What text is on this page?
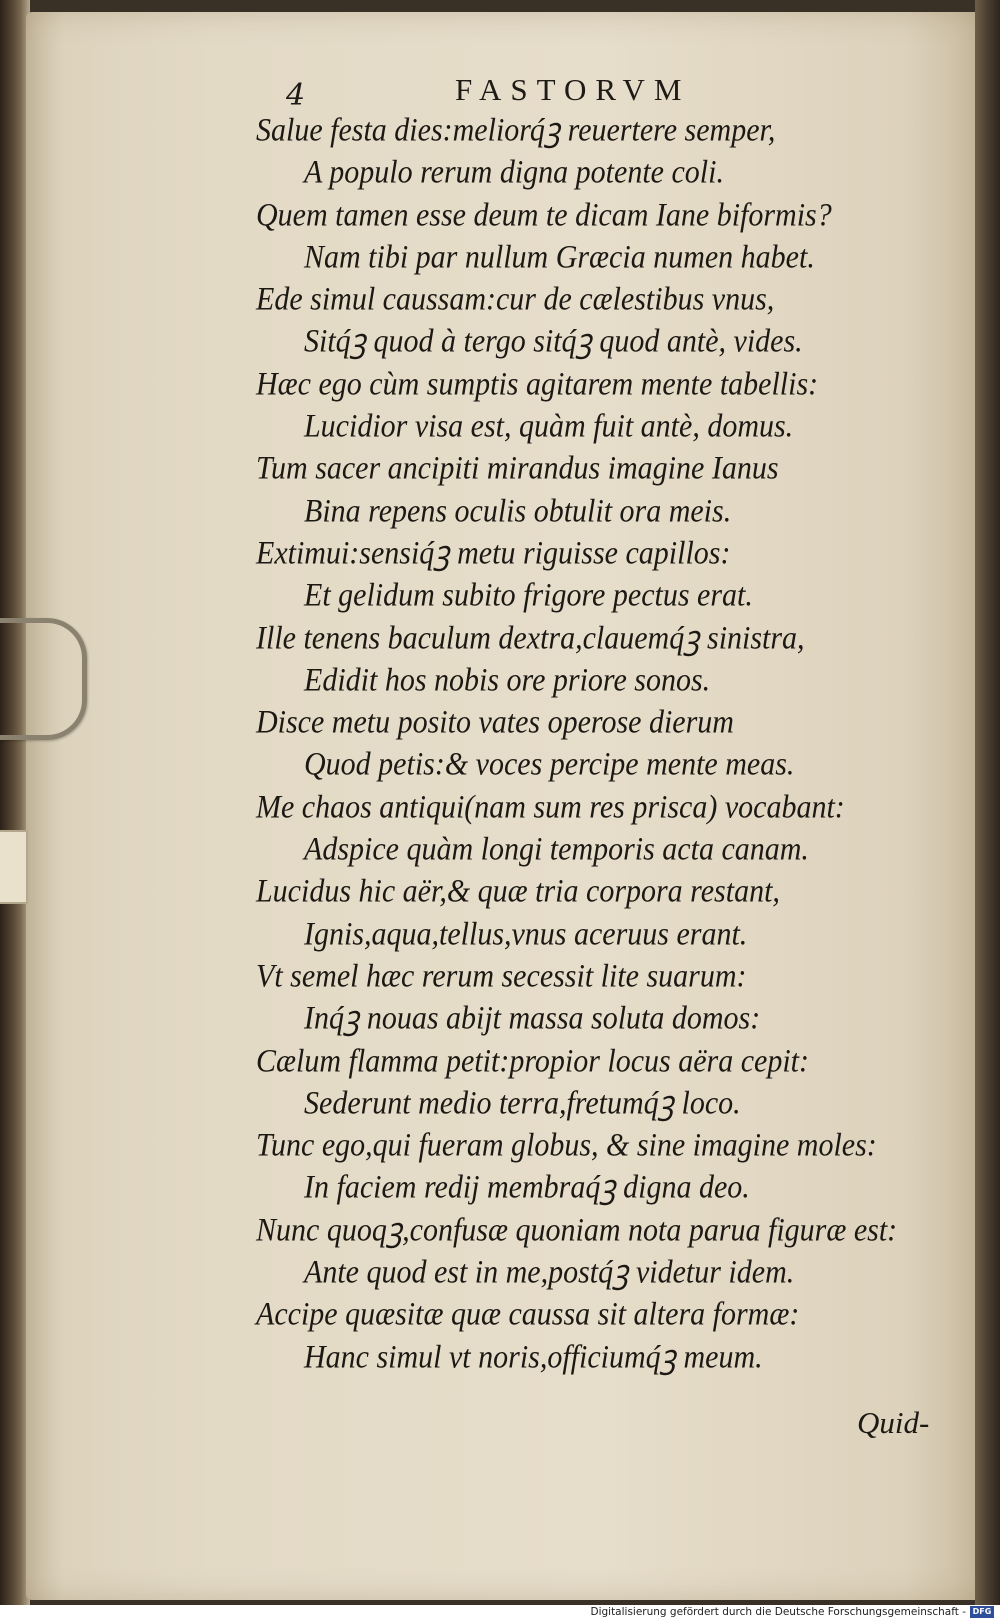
4	FASTORVM
Salue festa dies:meliorq́ꝫ reuertere semper,
A populo rerum digna potente coli.
Quem tamen esse deum te dicam Iane biformis?
Nam tibi par nullum Græcia numen habet.
Ede simul caussam:cur de cælestibus vnus,
Sitq́ꝫ quod à tergo sitq́ꝫ quod antè, vides.
Hæc ego cùm sumptis agitarem mente tabellis:
Lucidior visa est, quàm fuit antè, domus.
Tum sacer ancipiti mirandus imagine Ianus
Bina repens oculis obtulit ora meis.
Extimui:sensiq́ꝫ metu riguisse capillos:
Et gelidum subito frigore pectus erat.
Ille tenens baculum dextra,clauemq́ꝫ sinistra,
Edidit hos nobis ore priore sonos.
Disce metu posito vates operose dierum
Quod petis:& voces percipe mente meas.
Me chaos antiqui(nam sum res prisca) vocabant:
Adspice quàm longi temporis acta canam.
Lucidus hic aër,& quæ tria corpora restant,
Ignis,aqua,tellus,vnus aceruus erant.
Vt semel hæc rerum secessit lite suarum:
Inq́ꝫ nouas abijt massa soluta domos:
Cælum flamma petit:propior locus aëra cepit:
Sederunt medio terra,fretumq́ꝫ loco.
Tunc ego,qui fueram globus, & sine imagine moles:
In faciem redij membraq́ꝫ digna deo.
Nunc quoqꝫ,confusæ quoniam nota parua figuræ est:
Ante quod est in me,postq́ꝫ videtur idem.
Accipe quæsitæ quæ caussa sit altera formæ:
Hanc simul vt noris,officiumq́ꝫ meum.
Quid-
Digitalisierung gefördert durch die Deutsche Forschungsgemeinschaft - DFG
